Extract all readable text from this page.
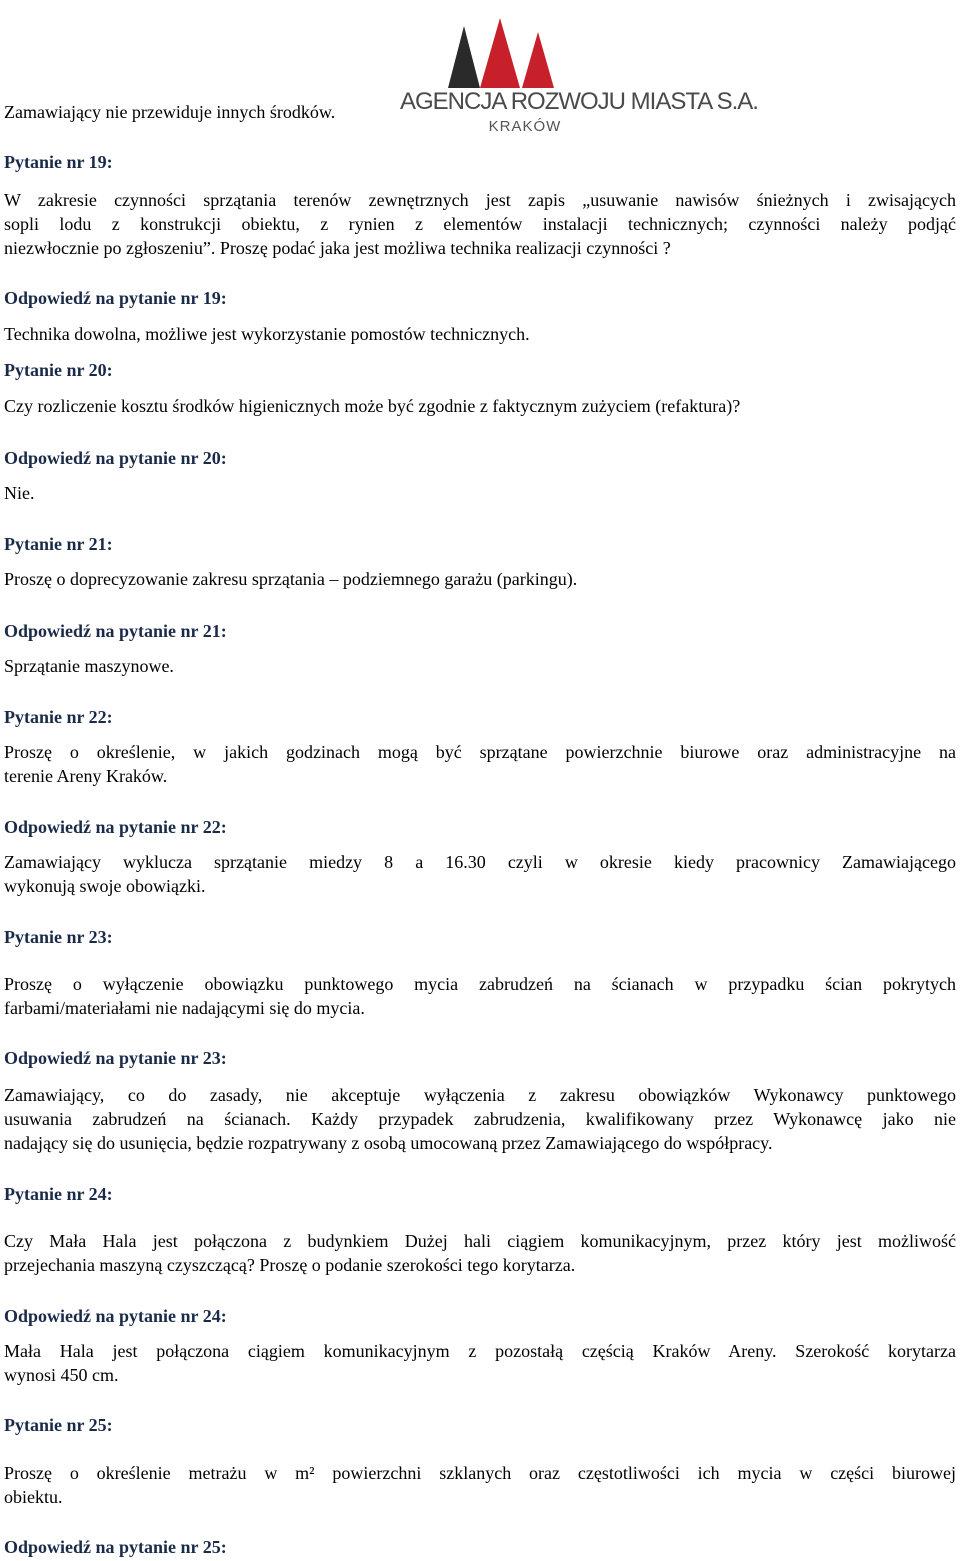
AGENCJA ROZWOJU MIASTA S.A.
KRAKÓW

Zamawiający nie przewiduje innych środków.

Pytanie nr 19:

W zakresie czynności sprzątania terenów zewnętrznych jest zapis „usuwanie nawisów śnieżnych i zwisających

sopli lodu z konstrukcji obiektu, z rynien z elementów instalacji technicznych; czynności należy podjąć

niezwłocznie po zgłoszeniu”. Proszę podać jaka jest możliwa technika realizacji czynności ?

Odpowiedź na pytanie nr 19:

Technika dowolna, możliwe jest wykorzystanie pomostów technicznych.

Pytanie nr 20:

Czy rozliczenie kosztu środków higienicznych może być zgodnie z faktycznym zużyciem (refaktura)?

Odpowiedź na pytanie nr 20:

Nie.

Pytanie nr 21:

Proszę o doprecyzowanie zakresu sprzątania – podziemnego garażu (parkingu).

Odpowiedź na pytanie nr 21:

Sprzątanie maszynowe.

Pytanie nr 22:

Proszę o określenie, w jakich godzinach mogą być sprzątane powierzchnie biurowe oraz administracyjne na

terenie Areny Kraków.

Odpowiedź na pytanie nr 22:

Zamawiający wyklucza sprzątanie miedzy 8 a 16.30 czyli w okresie kiedy pracownicy Zamawiającego

wykonują swoje obowiązki.

Pytanie nr 23:

Proszę o wyłączenie obowiązku punktowego mycia zabrudzeń na ścianach w przypadku ścian pokrytych

farbami/materiałami nie nadającymi się do mycia.

Odpowiedź na pytanie nr 23:

Zamawiający, co do zasady, nie akceptuje wyłączenia z zakresu obowiązków Wykonawcy punktowego

usuwania zabrudzeń na ścianach. Każdy przypadek zabrudzenia, kwalifikowany przez Wykonawcę jako nie

nadający się do usunięcia, będzie rozpatrywany z osobą umocowaną przez Zamawiającego do współpracy.

Pytanie nr 24:

Czy Mała Hala jest połączona z budynkiem Dużej hali ciągiem komunikacyjnym, przez który jest możliwość

przejechania maszyną czyszczącą? Proszę o podanie szerokości tego korytarza.

Odpowiedź na pytanie nr 24:

Mała Hala jest połączona ciągiem komunikacyjnym z pozostałą częścią Kraków Areny. Szerokość korytarza

wynosi 450 cm.

Pytanie nr 25:

Proszę o określenie metrażu w m² powierzchni szklanych oraz częstotliwości ich mycia w części biurowej

obiektu.

Odpowiedź na pytanie nr 25:
